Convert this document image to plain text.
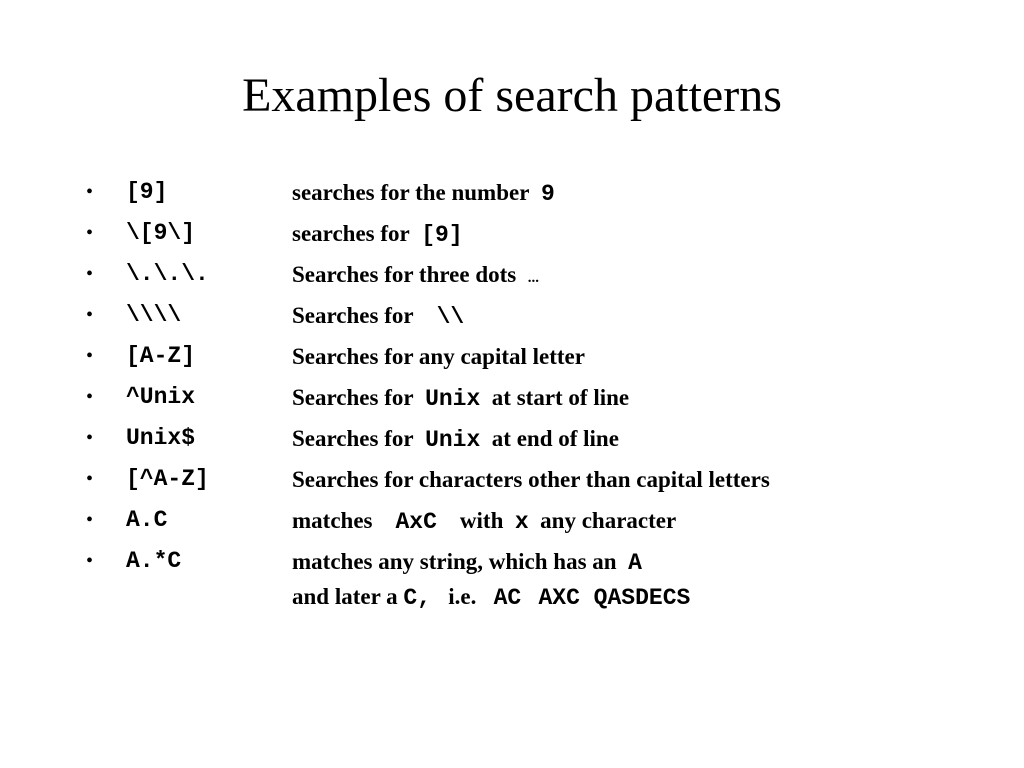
Examples of search patterns
•	[9]	searches for the number 9
•	\[9\]	searches for [9]
•	\.\.\.	Searches for three dots ...
•	\\\\	Searches for \\
•	[A-Z]	Searches for any capital letter
•	^Unix	Searches for Unix at start of line
•	Unix$	Searches for Unix at end of line
•	[^A-Z]	Searches for characters other than capital letters
•	A.C	matches AxC with x any character
•	A.*C	matches any string, which has an A
and later a C, i.e. AC AXC QASDECS
